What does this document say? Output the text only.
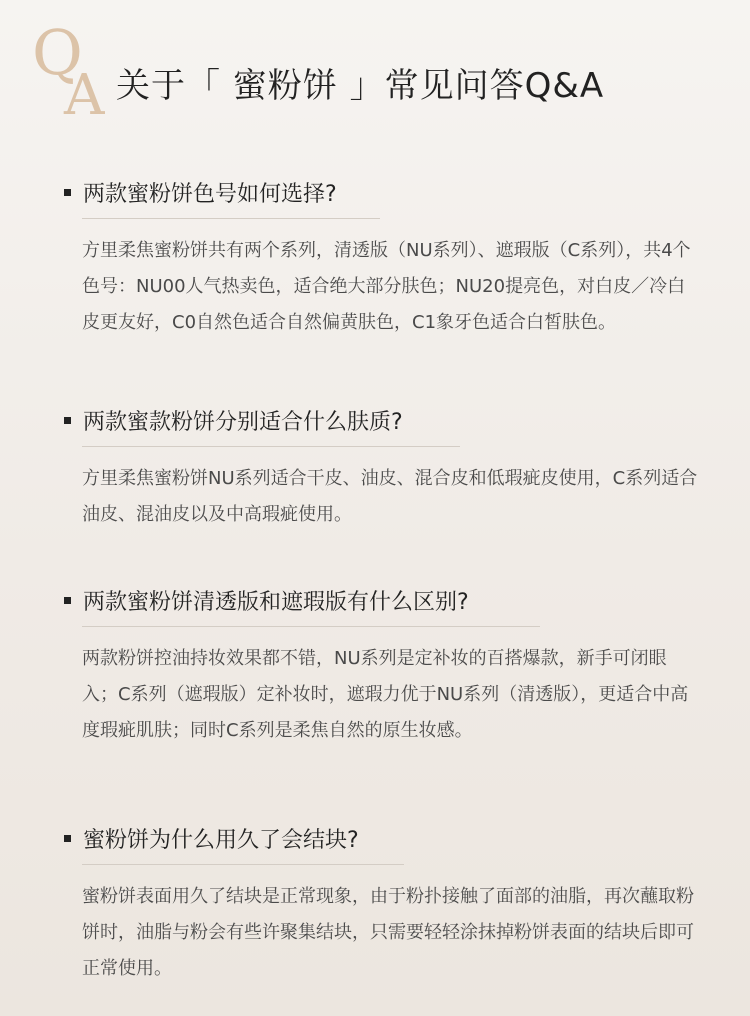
Q
A 关于「 蜜粉饼 」常见问答Q&A
两款蜜粉饼色号如何选择?
方里柔焦蜜粉饼共有两个系列，清透版（NU系列）、遮瑕版（C系列），共4个色号：NU00人气热卖色，适合绝大部分肤色；NU20提亮色，对白皮／冷白皮更友好，C0自然色适合自然偏黄肤色，C1象牙色适合白皙肤色。
两款蜜款粉饼分别适合什么肤质?
方里柔焦蜜粉饼NU系列适合干皮、油皮、混合皮和低瑕疵皮使用，C系列适合油皮、混油皮以及中高瑕疵使用。
两款蜜粉饼清透版和遮瑕版有什么区别?
两款粉饼控油持妆效果都不错，NU系列是定补妆的百搭爆款，新手可闭眼入；C系列（遮瑕版）定补妆时，遮瑕力优于NU系列（清透版），更适合中高度瑕疵肌肤；同时C系列是柔焦自然的原生妆感。
蜜粉饼为什么用久了会结块?
蜜粉饼表面用久了结块是正常现象，由于粉扑接触了面部的油脂，再次蘸取粉饼时，油脂与粉会有些许聚集结块，只需要轻轻涂抹掉粉饼表面的结块后即可正常使用。
